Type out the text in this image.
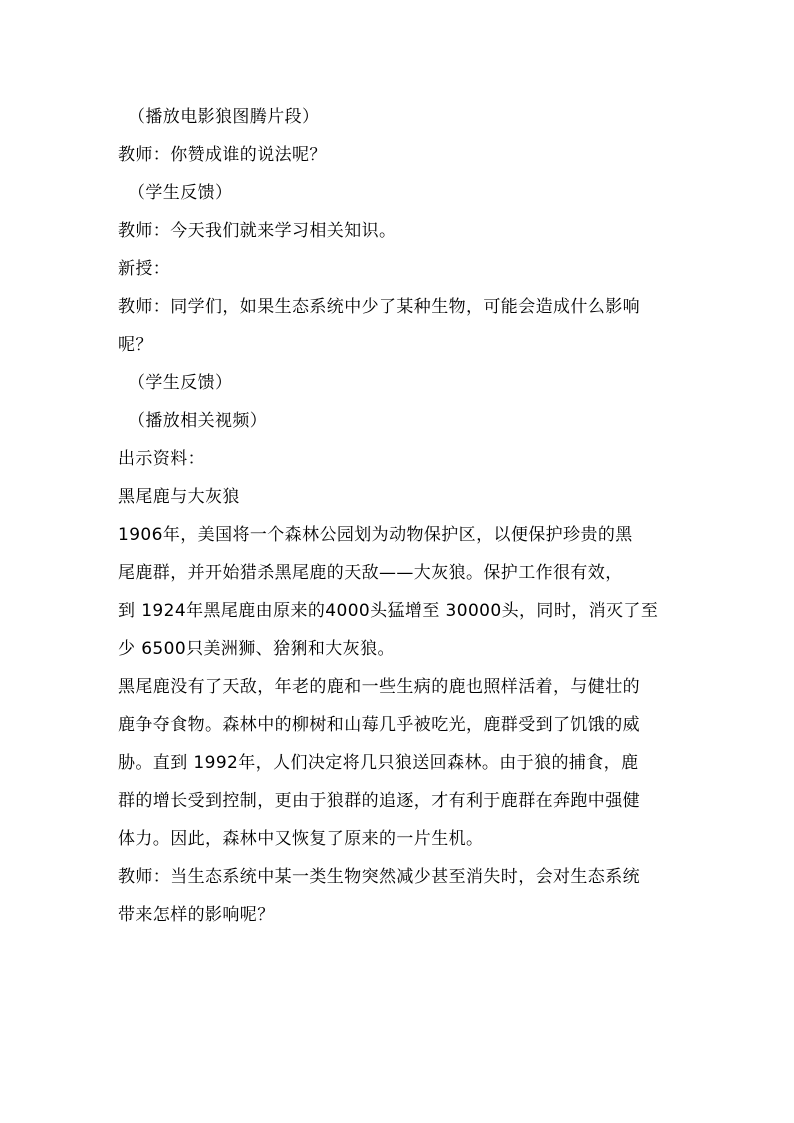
（播放电影狼图腾片段）
教师：你赞成谁的说法呢？
（学生反馈）
教师：今天我们就来学习相关知识。
新授：
教师：同学们，如果生态系统中少了某种生物，可能会造成什么影响
呢？
（学生反馈）
（播放相关视频）
出示资料：
黑尾鹿与大灰狼
1906年，美国将一个森林公园划为动物保护区，以便保护珍贵的黑
尾鹿群，并开始猎杀黑尾鹿的天敌——大灰狼。保护工作很有效，
到 1924年黑尾鹿由原来的4000头猛增至 30000头，同时，消灭了至
少 6500只美洲狮、猞猁和大灰狼。
黑尾鹿没有了天敌，年老的鹿和一些生病的鹿也照样活着，与健壮的
鹿争夺食物。森林中的柳树和山莓几乎被吃光，鹿群受到了饥饿的威
胁。直到 1992年，人们决定将几只狼送回森林。由于狼的捕食，鹿
群的增长受到控制，更由于狼群的追逐，才有利于鹿群在奔跑中强健
体力。因此，森林中又恢复了原来的一片生机。
教师：当生态系统中某一类生物突然减少甚至消失时，会对生态系统
带来怎样的影响呢？
